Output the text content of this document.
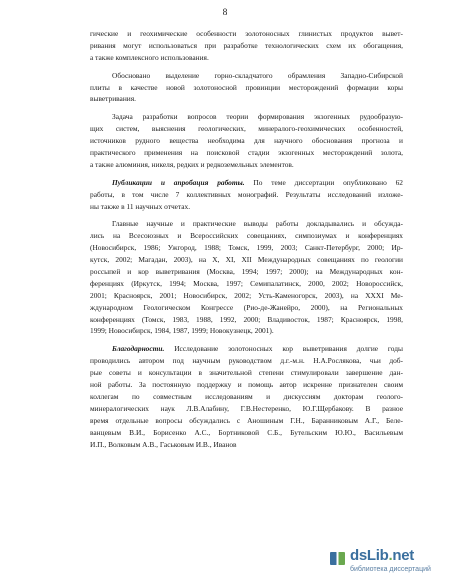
8
гические и геохимические особенности золотоносных глинистых продуктов вывет-
ривания могут использоваться при разработке технологических схем их обогащения,
а также комплексного использования.
Обосновано выделение горно-складчатого обрамления Западно-Сибирской
плиты в качестве новой золотоносной провинции месторождений формации коры
выветривания.
Задача разработки вопросов теории формирования экзогенных рудообразую-
щих систем, выяснения геологических, минералого-геохимических особенностей,
источников рудного вещества необходима для научного обоснования прогноза и
практического применения на поисковой стадии экзогенных месторождений золота,
а также алюминия, никеля, редких и редкоземельных элементов.
Публикации и апробация работы. По теме диссертации опубликовано 62
работы, в том числе 7 коллективных монографий. Результаты исследований изложе-
ны также в 11 научных отчетах.
Главные научные и практические выводы работы докладывались и обсужда-
лись на Всесоюзных и Всероссийских совещаниях, симпозиумах и конференциях
(Новосибирск, 1986; Ужгород, 1988; Томск, 1999, 2003; Санкт-Петербург, 2000; Ир-
кутск, 2002; Магадан, 2003), на X, XI, XII Международных совещаниях по геологии
россыпей и кор выветривания (Москва, 1994; 1997; 2000); на Международных кон-
ференциях (Иркутск, 1994; Москва, 1997; Семипалатинск, 2000, 2002; Новороссийск,
2001; Красноярск, 2001; Новосибирск, 2002; Усть-Каменогорск, 2003), на XXXI Ме-
ждународном Геологическом Конгрессе (Рио-де-Жанейро, 2000), на Региональных
конференциях (Томск, 1983, 1988, 1992, 2000; Владивосток, 1987; Красноярск, 1998,
1999; Новосибирск, 1984, 1987, 1999; Новокузнецк, 2001).
Благодарности. Исследование золотоносных кор выветривания долгие годы
проводились автором под научным руководством д.г.-м.н. Н.А.Рослякова, чьи доб-
рые советы и консультации в значительной степени стимулировали завершение дан-
ной работы. За постоянную поддержку и помощь автор искренне признателен своим
коллегам по совместным исследованиям и дискуссиям докторам геолого-
минералогических наук Л.В.Алабину, Г.В.Нестеренко, Ю.Г.Щербакову. В разное
время отдельные вопросы обсуждались с Аношиным Г.Н., Баранниковым А.Г., Беле-
ванцевым В.И., Борисенко А.С., Бортниковой С.Б., Бутельским Ю.Ю., Васильевым
И.П., Волковым А.В., Гаськовым И.В., Иванов
dsLib.net
библиотека диссертаций
